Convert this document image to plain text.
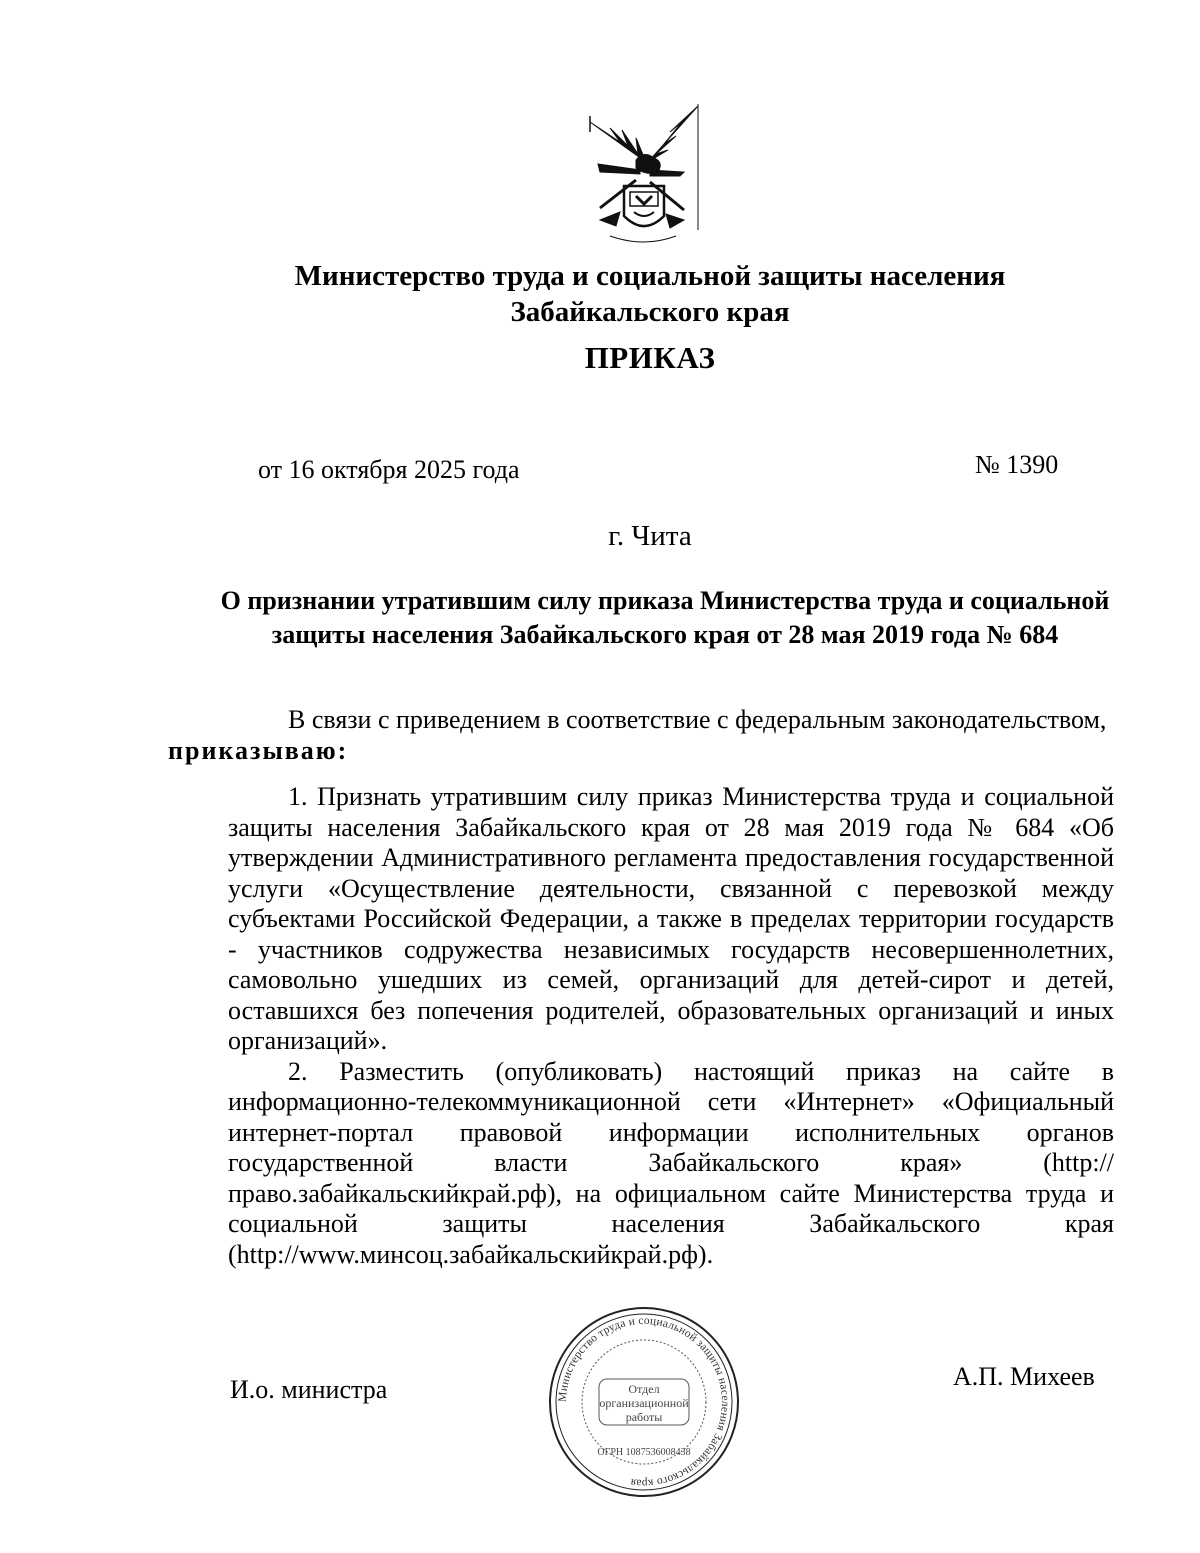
Министерство труда и социальной защиты населения
Забайкальского края
ПРИКАЗ
от 16 октября 2025 года	№ 1390
г. Чита
О признании утратившим силу приказа Министерства труда и социальной
защиты населения Забайкальского края от 28 мая 2019 года № 684

В связи с приведением в соответствие с федеральным законодательством,
приказываю:

1. Признать утратившим силу приказ Министерства труда и социальной защиты населения Забайкальского края от 28 мая 2019 года № 684 «Об утверждении Административного регламента предоставления государственной услуги «Осуществление деятельности, связанной с перевозкой между субъектами Российской Федерации, а также в пределах территории государств - участников содружества независимых государств несовершеннолетних, самовольно ушедших из семей, организаций для детей-сирот и детей, оставшихся без попечения родителей, образовательных организаций и иных организаций».

2. Разместить (опубликовать) настоящий приказ на сайте в информационно-телекоммуникационной сети «Интернет» «Официальный интернет-портал правовой информации исполнительных органов государственной власти Забайкальского края» (http://право.забайкальскийкрай.рф), на официальном сайте Министерства труда и социальной защиты населения Забайкальского края (http://www.минсоц.забайкальскийкрай.рф).

И.о. министра	А.П. Михеев
Министерство труда и социальной защиты населения Забайкальского края
Отдел
организационной
работы
ОГРН 1087536008438
